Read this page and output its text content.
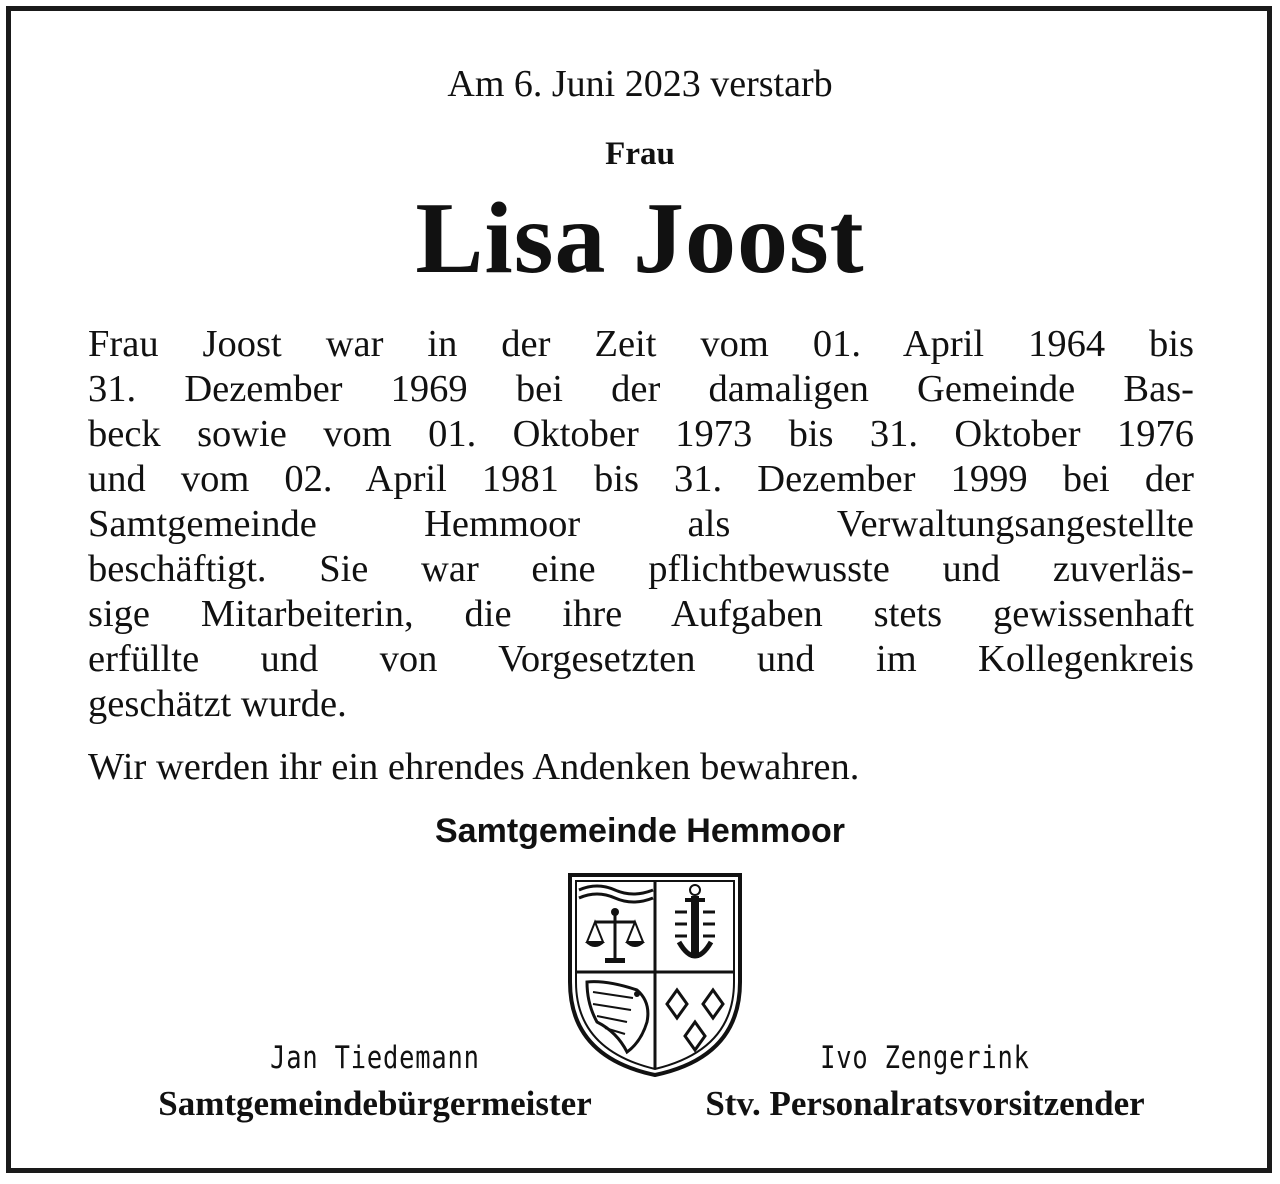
Am 6. Juni 2023 verstarb
Frau
Lisa Joost
Frau Joost war in der Zeit vom 01. April 1964 bis
31. Dezember 1969 bei der damaligen Gemeinde Bas-
beck sowie vom 01. Oktober 1973 bis 31. Oktober 1976
und vom 02. April 1981 bis 31. Dezember 1999 bei der
Samtgemeinde Hemmoor als Verwaltungsangestellte
beschäftigt. Sie war eine pflichtbewusste und zuverläs-
sige Mitarbeiterin, die ihre Aufgaben stets gewissenhaft
erfüllte und von Vorgesetzten und im Kollegenkreis
geschätzt wurde.
Wir werden ihr ein ehrendes Andenken bewahren.
Samtgemeinde Hemmoor
Jan Tiedemann
Samtgemeindebürgermeister
Ivo Zengerink
Stv. Personalratsvorsitzender
